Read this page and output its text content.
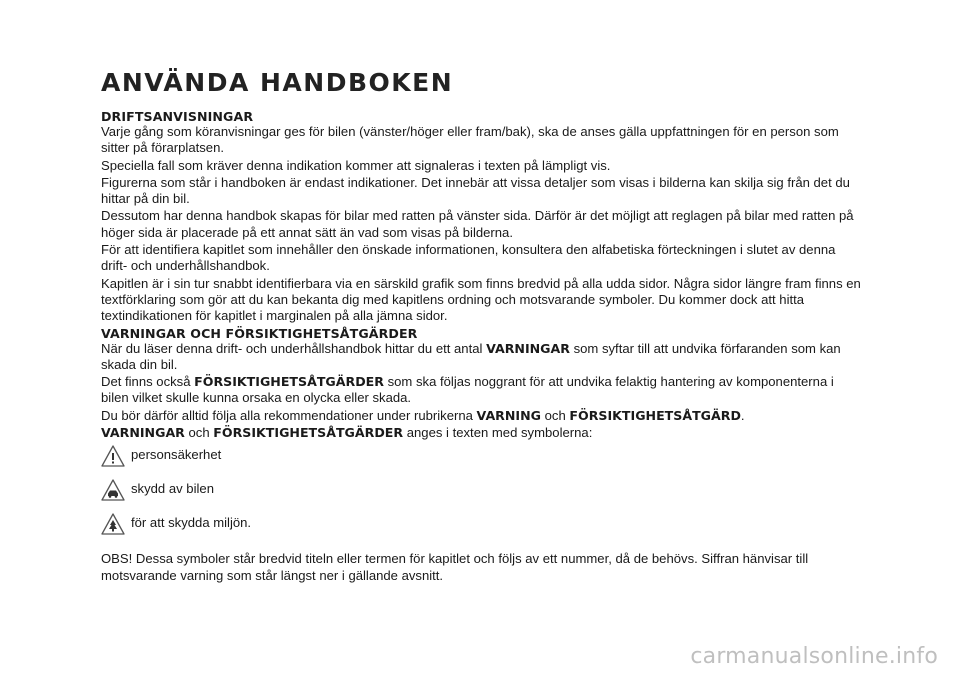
ANVÄNDA HANDBOKEN
DRIFTSANVISNINGAR

Varje gång som köranvisningar ges för bilen (vänster/höger eller fram/bak), ska de anses gälla uppfattningen för en person som sitter på förarplatsen.

Speciella fall som kräver denna indikation kommer att signaleras i texten på lämpligt vis.

Figurerna som står i handboken är endast indikationer. Det innebär att vissa detaljer som visas i bilderna kan skilja sig från det du hittar på din bil.

Dessutom har denna handbok skapas för bilar med ratten på vänster sida. Därför är det möjligt att reglagen på bilar med ratten på höger sida är placerade på ett annat sätt än vad som visas på bilderna.

För att identifiera kapitlet som innehåller den önskade informationen, konsultera den alfabetiska förteckningen i slutet av denna drift- och underhållshandbok.

Kapitlen är i sin tur snabbt identifierbara via en särskild grafik som finns bredvid på alla udda sidor. Några sidor längre fram finns en textförklaring som gör att du kan bekanta dig med kapitlens ordning och motsvarande symboler. Du kommer dock att hitta textindikationen för kapitlet i marginalen på alla jämna sidor.

VARNINGAR OCH FÖRSIKTIGHETSÅTGÄRDER

När du läser denna drift- och underhållshandbok hittar du ett antal VARNINGAR som syftar till att undvika förfaranden som kan skada din bil.

Det finns också FÖRSIKTIGHETSÅTGÄRDER som ska följas noggrant för att undvika felaktig hantering av komponenterna i bilen vilket skulle kunna orsaka en olycka eller skada.

Du bör därför alltid följa alla rekommendationer under rubrikerna VARNING och FÖRSIKTIGHETSÅTGÄRD.

VARNINGAR och FÖRSIKTIGHETSÅTGÄRDER anges i texten med symbolerna:

personsäkerhet
skydd av bilen
för att skydda miljön.

OBS! Dessa symboler står bredvid titeln eller termen för kapitlet och följs av ett nummer, då de behövs. Siffran hänvisar till motsvarande varning som står längst ner i gällande avsnitt.

carmanualsonline.info
